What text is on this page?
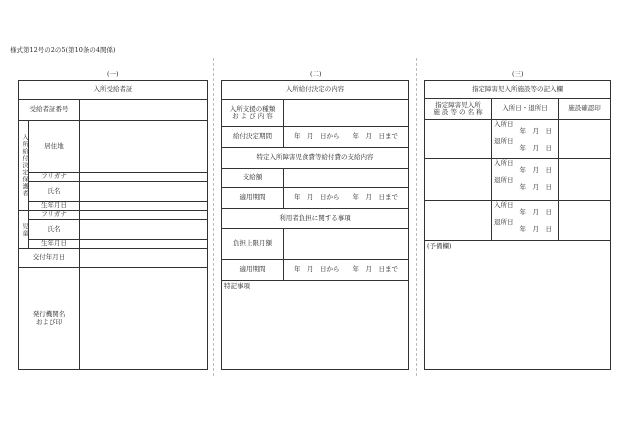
様式第12号の2の5(第10条の4関係)
(一)	(二)	(三)
入所受給者証		
受給者証番号		
入所給付決定保護者	居住地	
	フリガナ	
	氏名	
	生年月日	
児童	フリガナ	
	氏名	
	生年月日	
交付年月日		
発行機関名
および印		
入所給付決定の内容	
入所支援の種類
お よ び 内 容	
給付決定期間	年　月　日から　　年　月　日まで
特定入所障害児食費等給付費の支給内容	
支給額	
適用期間	年　月　日から　　年　月　日まで
利用者負担に関する事項	
負担上限月額	
適用期間	年　月　日から　　年　月　日まで
特記事項	
指定障害児入所施設等の記入欄		
指定障害児入所
施 設 等 の 名 称	入所日・退所日	施設確認印

	入所日
年　月　日
退所日
年　月　日	

	入所日
年　月　日
退所日
年　月　日	

	入所日
年　月　日
退所日
年　月　日	

(予備欄)		
